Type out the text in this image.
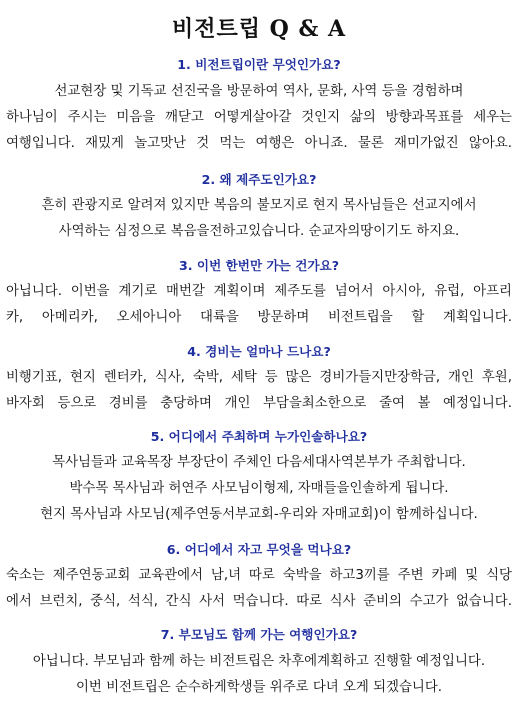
비전트립 Q & A
1. 비전트립이란 무엇인가요?
선교현장 및 기독교 선진국을 방문하여 역사, 문화, 사역 등을 경험하며
하나님이 주시는 미음을 깨닫고 어떻게살아갈 것인지 삶의 방향과목표를 세우는
여행입니다. 재밌게 놀고맛난 것 먹는 여행은 아니죠. 물론 재미가없진 않아요.
2. 왜 제주도인가요?
흔히 관광지로 알려져 있지만 복음의 불모지로 현지 목사님들은 선교지에서
사역하는 심정으로 복음을전하고있습니다. 순교자의땅이기도 하지요.
3. 이번 한번만 가는 건가요?
아닙니다. 이번을 계기로 매번갈 계획이며 제주도를 넘어서 아시아, 유럽, 아프리
카, 아메리카, 오세아니아 대륙을 방문하며 비전트립을 할 계획입니다.
4. 경비는 얼마나 드나요?
비행기표, 현지 렌터카, 식사, 숙박, 세탁 등 많은 경비가들지만장학금, 개인 후원,
바자회 등으로 경비를 충당하며 개인 부담을최소한으로 줄여 볼 예정입니다.
5. 어디에서 주최하며 누가인솔하나요?
목사님들과 교육목장 부장단이 주체인 다음세대사역본부가 주최합니다.
박수목 목사님과 허연주 사모님이형제, 자매들을인솔하게 됩니다.
현지 목사님과 사모님(제주연동서부교회-우리와 자매교회)이 함께하십니다.
6. 어디에서 자고 무엇을 먹나요?
숙소는 제주연동교회 교육관에서 남,녀 따로 숙박을 하고3끼를 주변 카페 및 식당
에서 브런치, 중식, 석식, 간식 사서 먹습니다. 따로 식사 준비의 수고가 없습니다.
7. 부모님도 함께 가는 여행인가요?
아닙니다. 부모님과 함께 하는 비전트립은 차후에계획하고 진행할 예정입니다.
이번 비전트립은 순수하게학생들 위주로 다녀 오게 되겠습니다.
